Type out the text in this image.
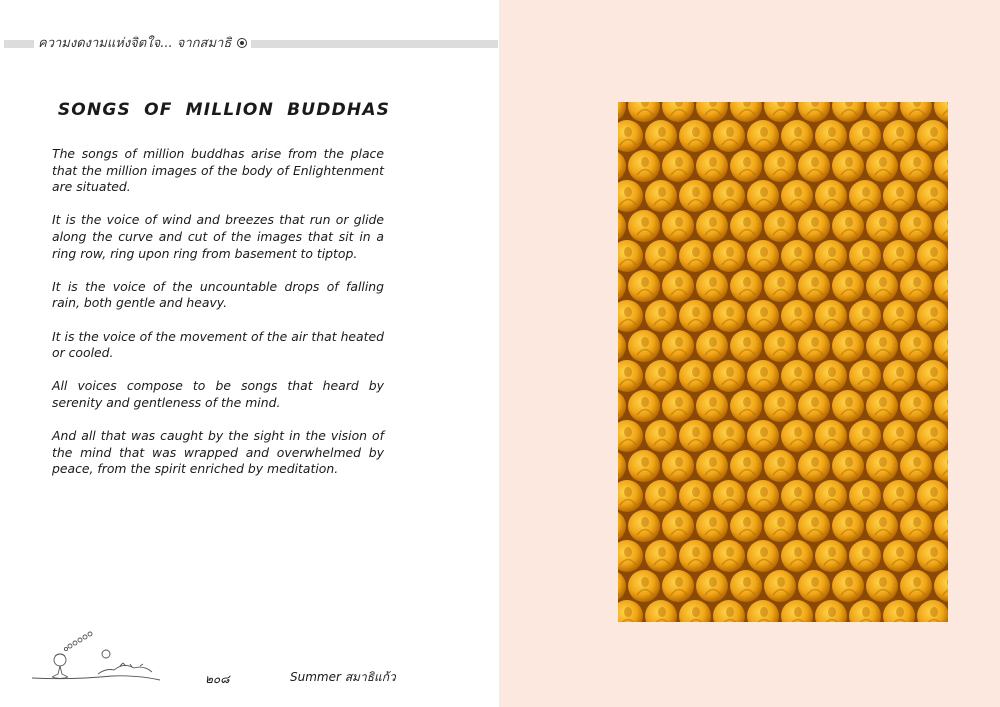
ความงดงามแห่งจิตใจ... จากสมาธิ
SONGS OF MILLION BUDDHAS

The songs of million buddhas arise from the place that the million images of the body of Enlightenment are situated.

It is the voice of wind and breezes that run or glide along the curve and cut of the images that sit in a ring row, ring upon ring from basement to tiptop.

It is the voice of the uncountable drops of falling rain, both gentle and heavy.

It is the voice of the movement of the air that heated or cooled.

All voices compose to be songs that heard by serenity and gentleness of the mind.

And all that was caught by the sight in the vision of the mind that was wrapped and overwhelmed by peace, from the spirit enriched by meditation.

๒๐๘	Summer สมาธิแก้ว
